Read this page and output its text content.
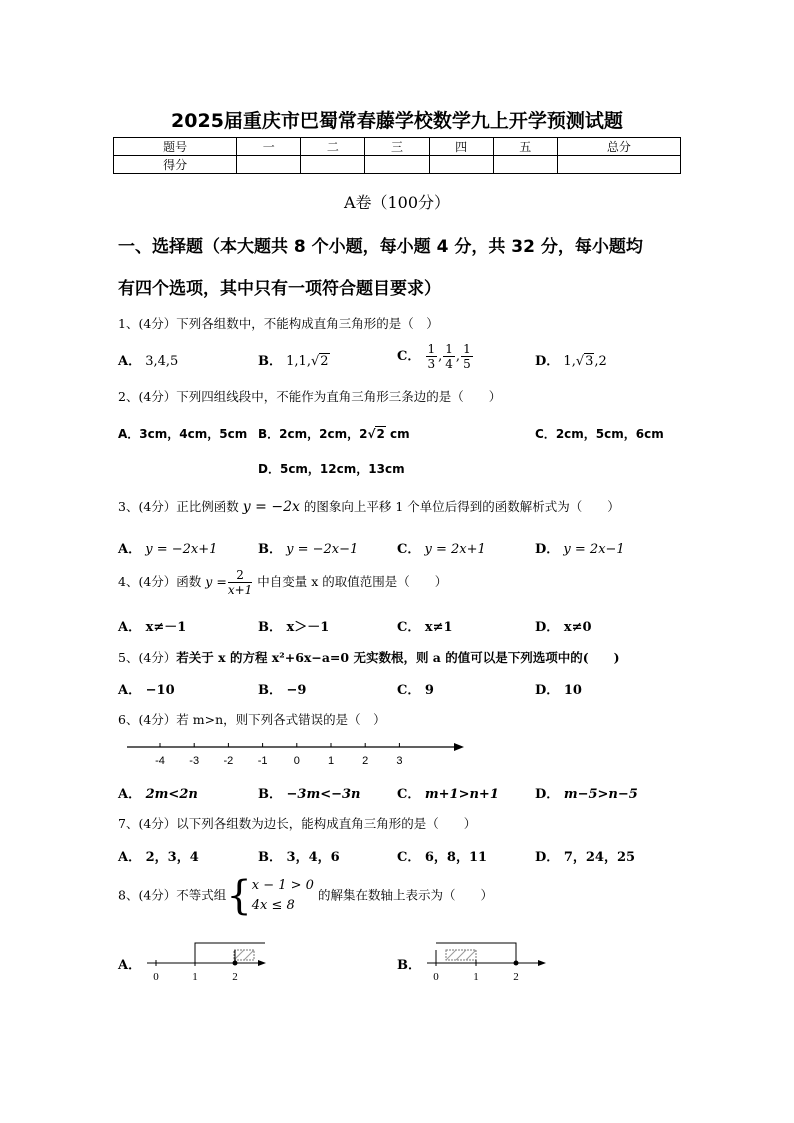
2025届重庆市巴蜀常春藤学校数学九上开学预测试题
题号	一	二	三	四	五	总分
得分						
A卷（100分）
一、选择题（本大题共 8 个小题，每小题 4 分，共 32 分，每小题均
有四个选项，其中只有一项符合题目要求）
1、(4分）下列各组数中，不能构成直角三角形的是（　）
A． 3,4,5	B． 1,1,√2	C． $\frac{1}{3}$ , $\frac{1}{4}$ , $\frac{1}{5}$	D． 1,√3,2
2、(4分）下列四组线段中，不能作为直角三角形三条边的是（　　）
A．3cm，4cm，5cm B．2cm，2cm，2√2 cm	C．2cm，5cm，6cm
D．5cm，12cm，13cm
3、(4分）正比例函数 y = −2x 的图象向上平移 1 个单位后得到的函数解析式为（　　）
A． y = −2x+1	B． y = −2x−1	C． y = 2x+1	D． y = 2x−1
4、(4分）函数 $y = \frac{2}{x+1}$ 中自变量 x 的取值范围是（　　）
A． x≠－1	B． x＞－1	C． x≠1	D． x≠0
5、(4分）若关于 x 的方程 x²+6x−a=0 无实数根，则 a 的值可以是下列选项中的(　　)
A． −10	B． −9	C． 9	D． 10
6、(4分）若 m>n，则下列各式错误的是（　）
-4 -3 -2 -1 0	1	2	3
A． 2m<2n	B． −3m<−3n	C． m+1>n+1	D． m−5>n−5
7、(4分）以下列各组数为边长，能构成直角三角形的是（　　）
A． 2，3，4	B． 3，4，6	C． 6，8，11	D． 7，24，25
8、(4分）不等式组{ x − 1 > 0
4x ≤ 8
的解集在数轴上表示为（　　）
A．
0	1	2
B．
0	1	2
